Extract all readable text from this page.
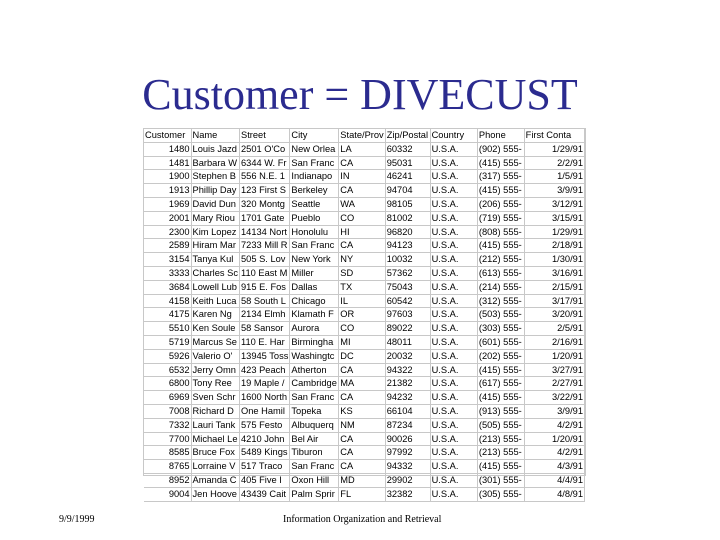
Customer = DIVECUST
Customer	Name	Street	City	State/Prov	Zip/Postal	Country	Phone	First Conta
1480	Louis Jazd	2501 O'Co	New Orlea	LA	60332	U.S.A.	(902) 555-	1/29/91
1481	Barbara W	6344 W. Fr	San Franc	CA	95031	U.S.A.	(415) 555-	2/2/91
1900	Stephen B	556 N.E. 1	Indianapo	IN	46241	U.S.A.	(317) 555-	1/5/91
1913	Phillip Day	123 First S	Berkeley	CA	94704	U.S.A.	(415) 555-	3/9/91
1969	David Dun	320 Montg	Seattle	WA	98105	U.S.A.	(206) 555-	3/12/91
2001	Mary Riou	1701 Gate	Pueblo	CO	81002	U.S.A.	(719) 555-	3/15/91
2300	Kim Lopez	14134 Nort	Honolulu	HI	96820	U.S.A.	(808) 555-	1/29/91
2589	Hiram Mar	7233 Mill R	San Franc	CA	94123	U.S.A.	(415) 555-	2/18/91
3154	Tanya Kul	505 S. Lov	New York	NY	10032	U.S.A.	(212) 555-	1/30/91
3333	Charles Sc	110 East M	Miller	SD	57362	U.S.A.	(613) 555-	3/16/91
3684	Lowell Lub	915 E. Fos	Dallas	TX	75043	U.S.A.	(214) 555-	2/15/91
4158	Keith Luca	58 South L	Chicago	IL	60542	U.S.A.	(312) 555-	3/17/91
4175	Karen Ng	2134 Elmh	Klamath F	OR	97603	U.S.A.	(503) 555-	3/20/91
5510	Ken Soule	58 Sansor	Aurora	CO	89022	U.S.A.	(303) 555-	2/5/91
5719	Marcus Se	110 E. Har	Birmingha	MI	48011	U.S.A.	(601) 555-	2/16/91
5926	Valerio O'	13945 Toss	Washingtc	DC	20032	U.S.A.	(202) 555-	1/20/91
6532	Jerry Omn	423 Peach	Atherton	CA	94322	U.S.A.	(415) 555-	3/27/91
6800	Tony Ree	19 Maple /	Cambridge	MA	21382	U.S.A.	(617) 555-	2/27/91
6969	Sven Schr	1600 North	San Franc	CA	94232	U.S.A.	(415) 555-	3/22/91
7008	Richard D	One Hamil	Topeka	KS	66104	U.S.A.	(913) 555-	3/9/91
7332	Lauri Tank	575 Festo	Albuquerq	NM	87234	U.S.A.	(505) 555-	4/2/91
7700	Michael Le	4210 John	Bel Air	CA	90026	U.S.A.	(213) 555-	1/20/91
8585	Bruce Fox	5489 Kings	Tiburon	CA	97992	U.S.A.	(213) 555-	4/2/91
8765	Lorraine V	517 Traco	San Franc	CA	94332	U.S.A.	(415) 555-	4/3/91
8952	Amanda C	405 Five I	Oxon Hill	MD	29902	U.S.A.	(301) 555-	4/4/91
9004	Jen Hoove	43439 Cait	Palm Sprir	FL	32382	U.S.A.	(305) 555-	4/8/91
9/9/1999	Information Organization and Retrieval
